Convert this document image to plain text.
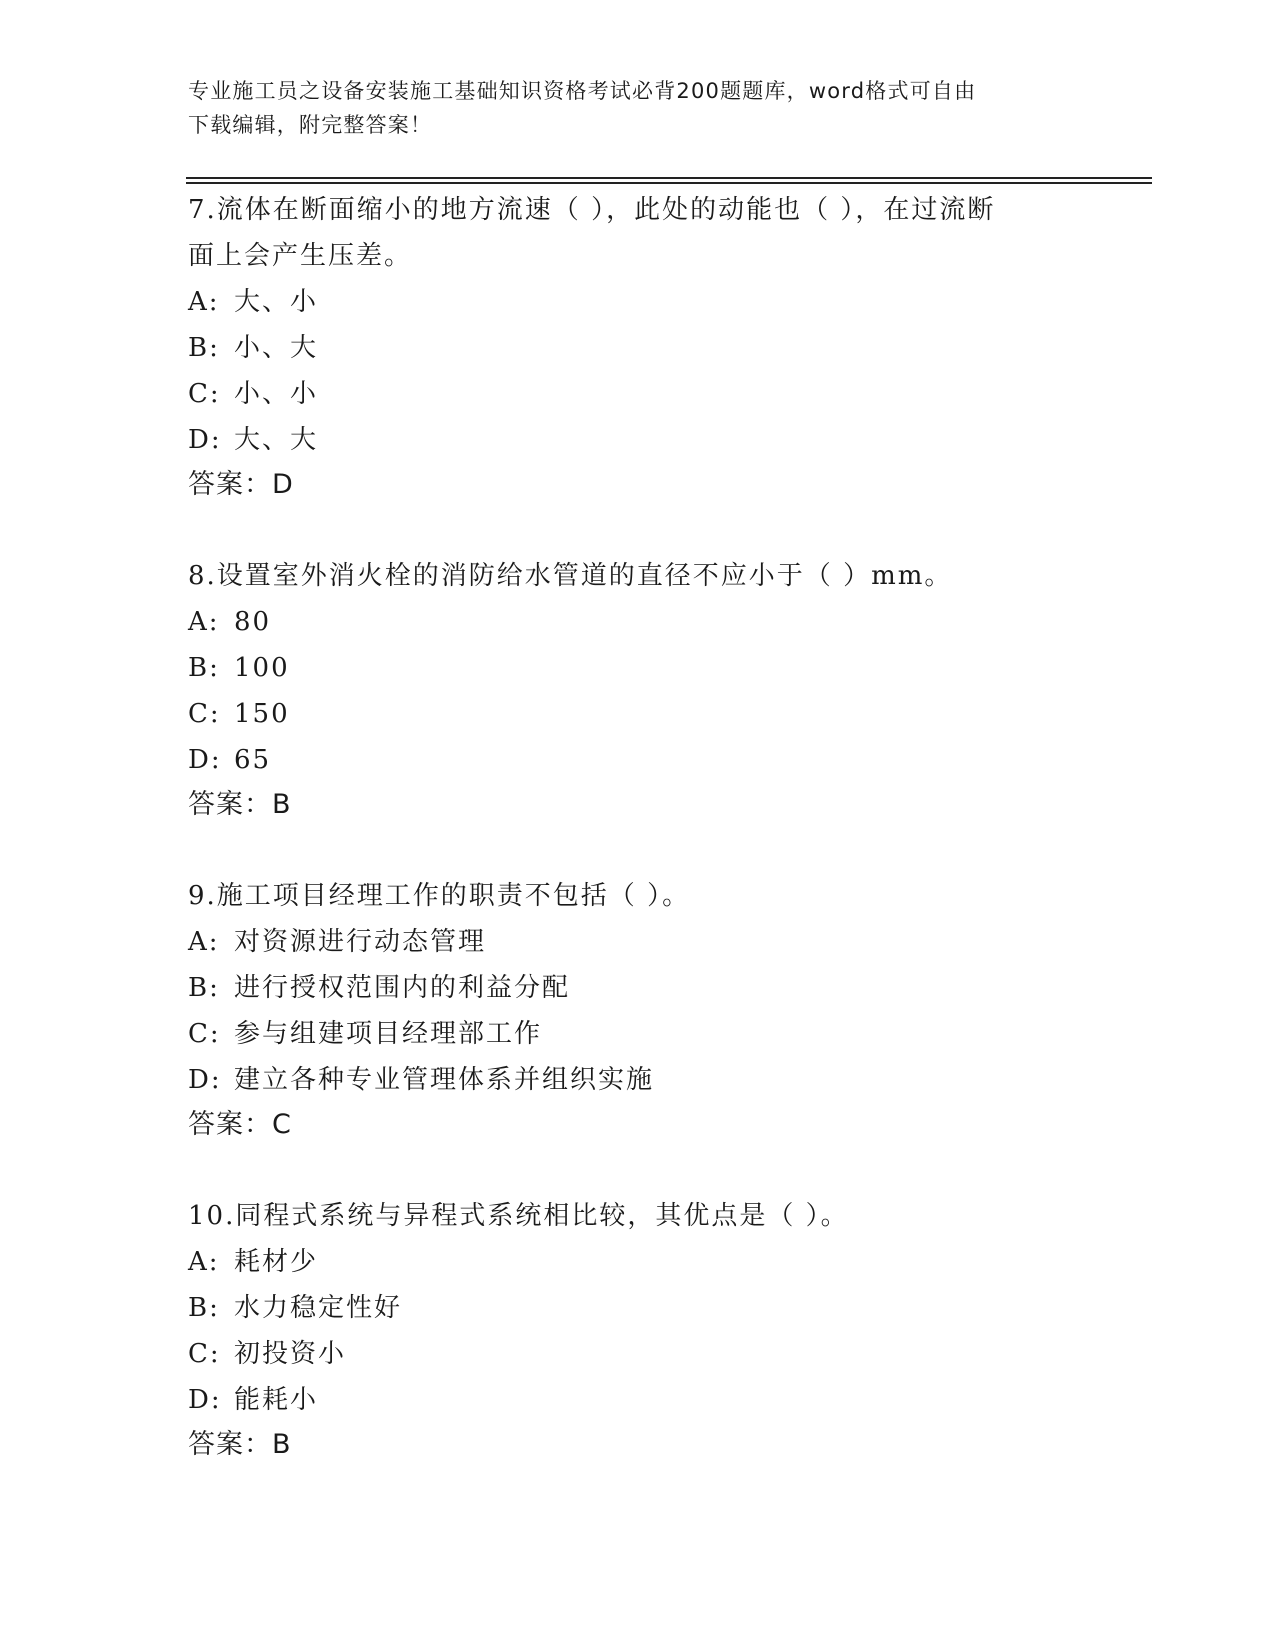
专业施工员之设备安装施工基础知识资格考试必背200题题库，word格式可自由
下载编辑，附完整答案！

7.流体在断面缩小的地方流速（ ），此处的动能也（ ），在过流断

面上会产生压差。

A: 大、小

B: 小、大

C: 小、小

D: 大、大

答案：D

8.设置室外消火栓的消防给水管道的直径不应小于（ ）mm。

A: 80

B: 100

C: 150

D: 65

答案：B

9.施工项目经理工作的职责不包括（ ）。

A: 对资源进行动态管理

B: 进行授权范围内的利益分配

C: 参与组建项目经理部工作

D: 建立各种专业管理体系并组织实施

答案：C

10.同程式系统与异程式系统相比较，其优点是（ ）。

A: 耗材少

B: 水力稳定性好

C: 初投资小

D: 能耗小

答案：B
